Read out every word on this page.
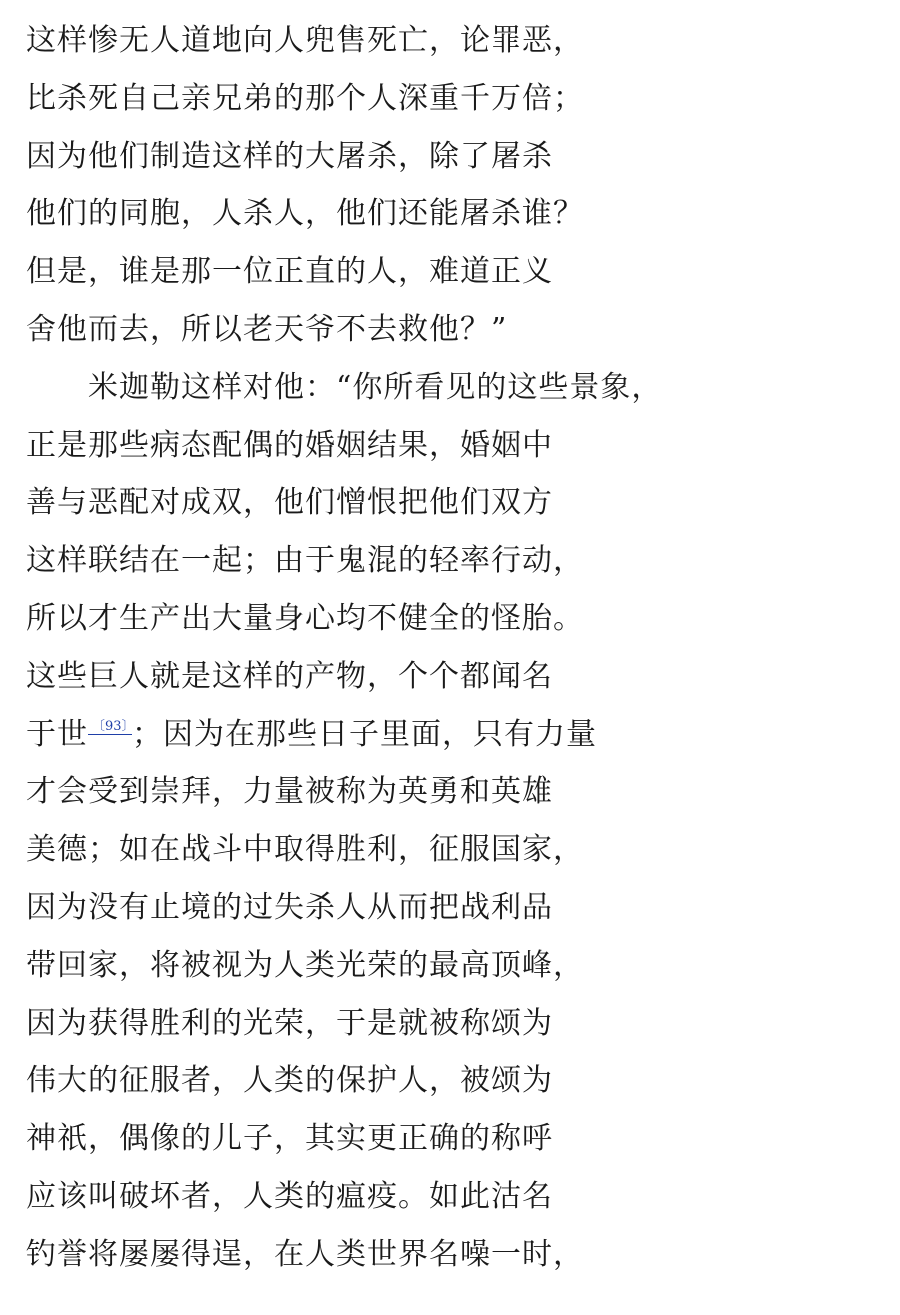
这样惨无人道地向人兜售死亡，论罪恶，
比杀死自己亲兄弟的那个人深重千万倍；
因为他们制造这样的大屠杀，除了屠杀
他们的同胞，人杀人，他们还能屠杀谁？
但是，谁是那一位正直的人，难道正义
舍他而去，所以老天爷不去救他？”
米迦勒这样对他：“你所看见的这些景象，
正是那些病态配偶的婚姻结果，婚姻中
善与恶配对成双，他们憎恨把他们双方
这样联结在一起；由于鬼混的轻率行动，
所以才生产出大量身心均不健全的怪胎。
这些巨人就是这样的产物，个个都闻名
于世 $^{〔93〕}$ ；因为在那些日子里面，只有力量
才会受到崇拜，力量被称为英勇和英雄
美德；如在战斗中取得胜利，征服国家，
因为没有止境的过失杀人从而把战利品
带回家，将被视为人类光荣的最高顶峰，
因为获得胜利的光荣，于是就被称颂为
伟大的征服者，人类的保护人，被颂为
神祇，偶像的儿子，其实更正确的称呼
应该叫破坏者，人类的瘟疫。如此沽名
钓誉将屡屡得逞，在人类世界名噪一时，
